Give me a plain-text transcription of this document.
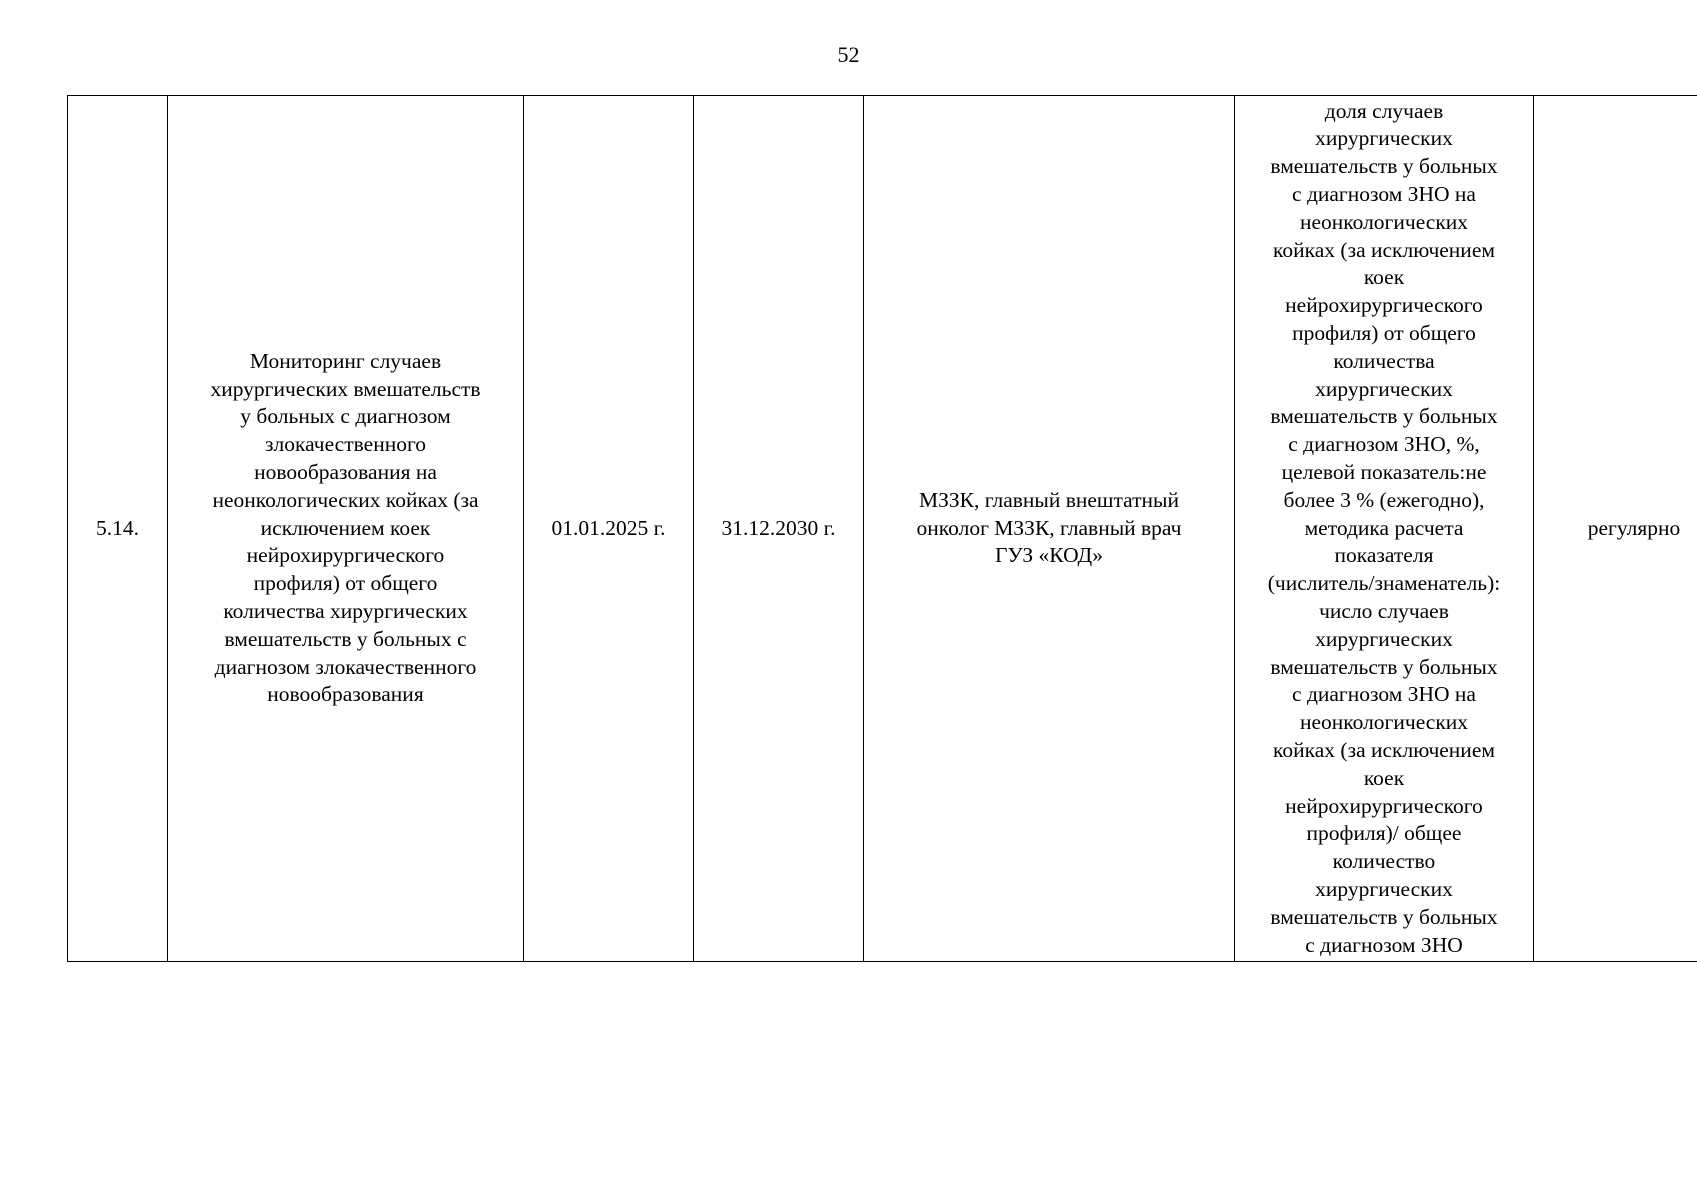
52
5.14.	Мониторинг случаев
хирургических вмешательств
у больных с диагнозом
злокачественного
новообразования на
неонкологических койках (за
исключением коек
нейрохирургического
профиля) от общего
количества хирургических
вмешательств у больных с
диагнозом злокачественного
новообразования	01.01.2025 г.	31.12.2030 г.	МЗЗК, главный внештатный
онколог МЗЗК, главный врач
ГУЗ «КОД»	доля случаев
хирургических
вмешательств у больных
с диагнозом ЗНО на
неонкологических
койках (за исключением
коек
нейрохирургического
профиля) от общего
количества
хирургических
вмешательств у больных
с диагнозом ЗНО, %,
целевой показатель:не
более 3 % (ежегодно),
методика расчета
показателя
(числитель/знаменатель):
число случаев
хирургических
вмешательств у больных
с диагнозом ЗНО на
неонкологических
койках (за исключением
коек
нейрохирургического
профиля)/ общее
количество
хирургических
вмешательств у больных
с диагнозом ЗНО	регулярно
